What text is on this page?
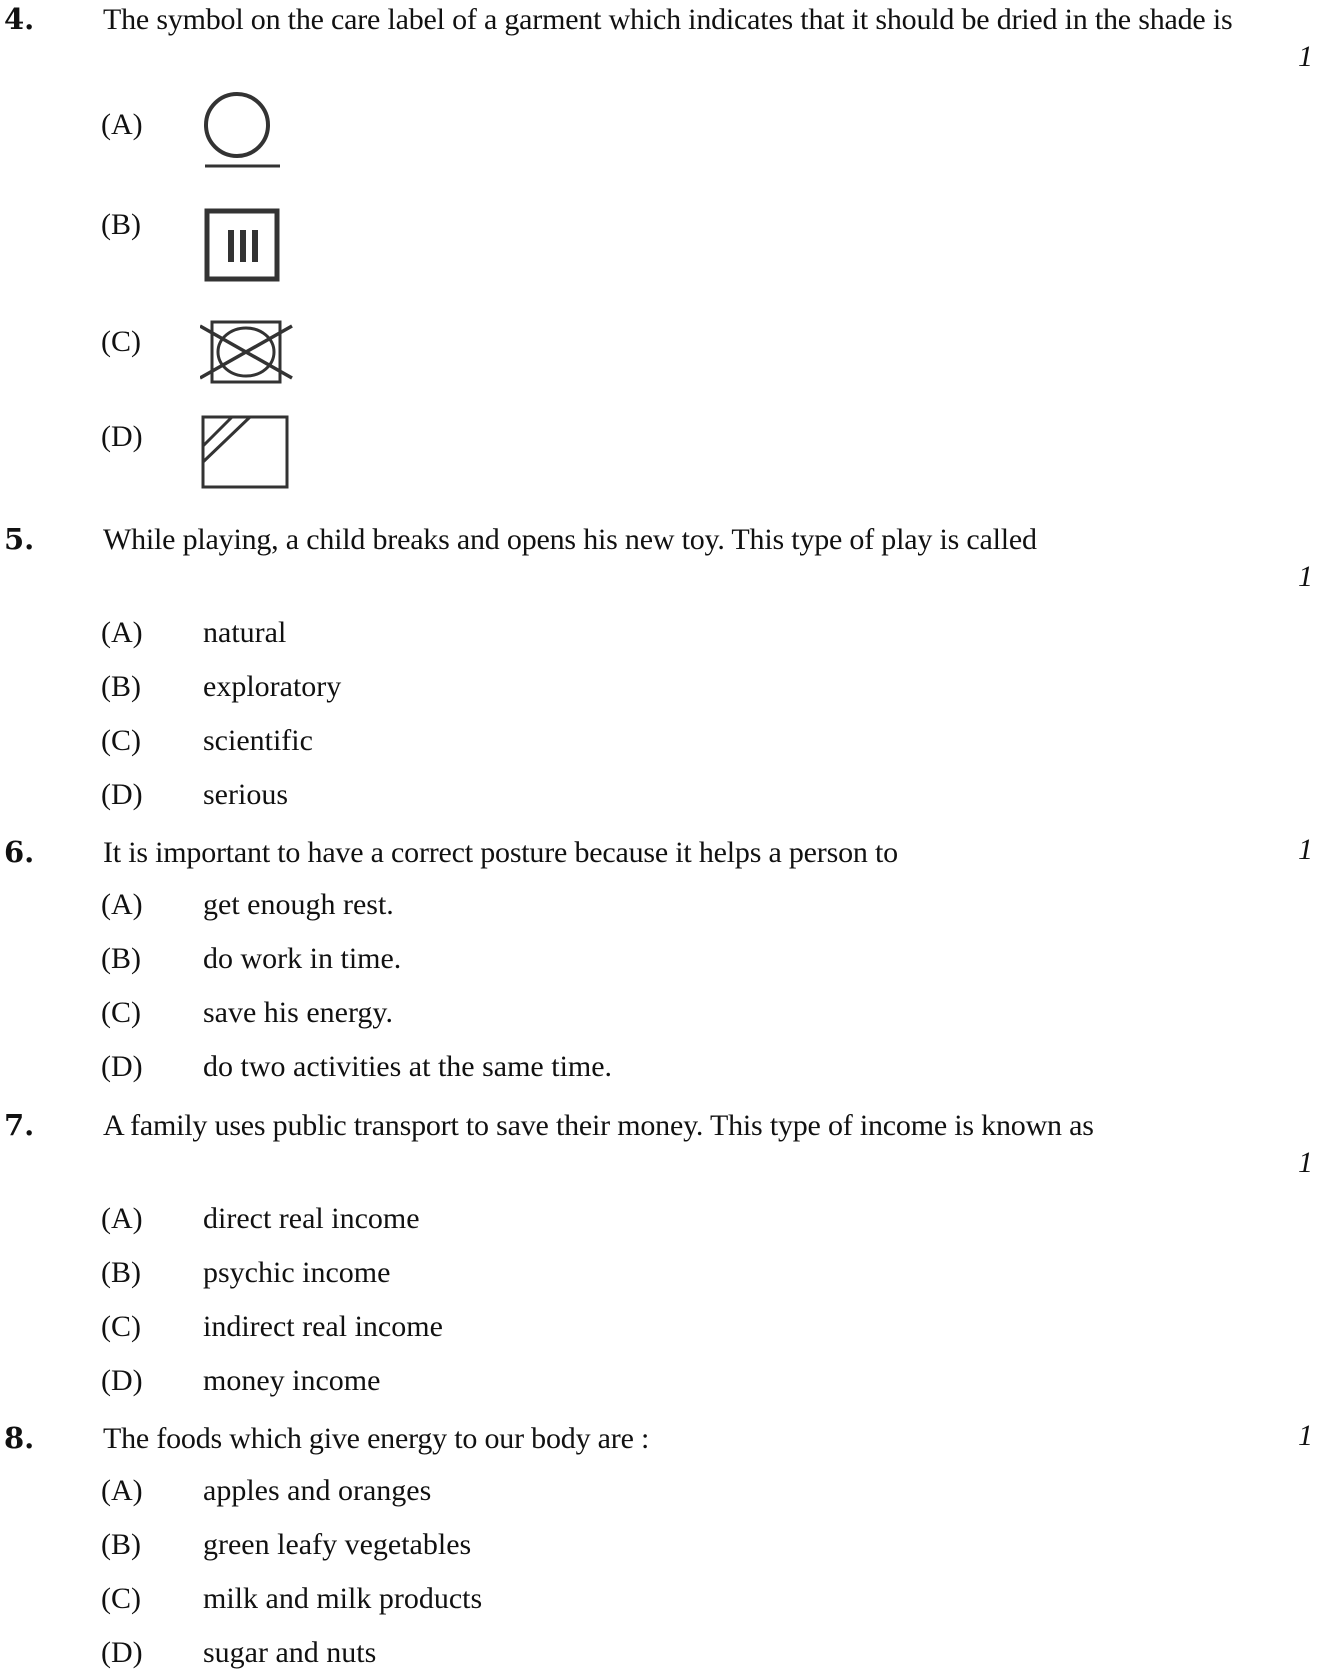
4. The symbol on the care label of a garment which indicates that it should be dried in the shade is
1
(A)
(B)
(C)
(D)
5. While playing, a child breaks and opens his new toy. This type of play is called
1
(A) natural
(B) exploratory
(C) scientific
(D) serious
6. It is important to have a correct posture because it helps a person to	1
(A) get enough rest.
(B) do work in time.
(C) save his energy.
(D) do two activities at the same time.
7. A family uses public transport to save their money. This type of income is known as
1
(A) direct real income
(B) psychic income
(C) indirect real income
(D) money income
8. The foods which give energy to our body are :	1
(A) apples and oranges
(B) green leafy vegetables
(C) milk and milk products
(D) sugar and nuts
